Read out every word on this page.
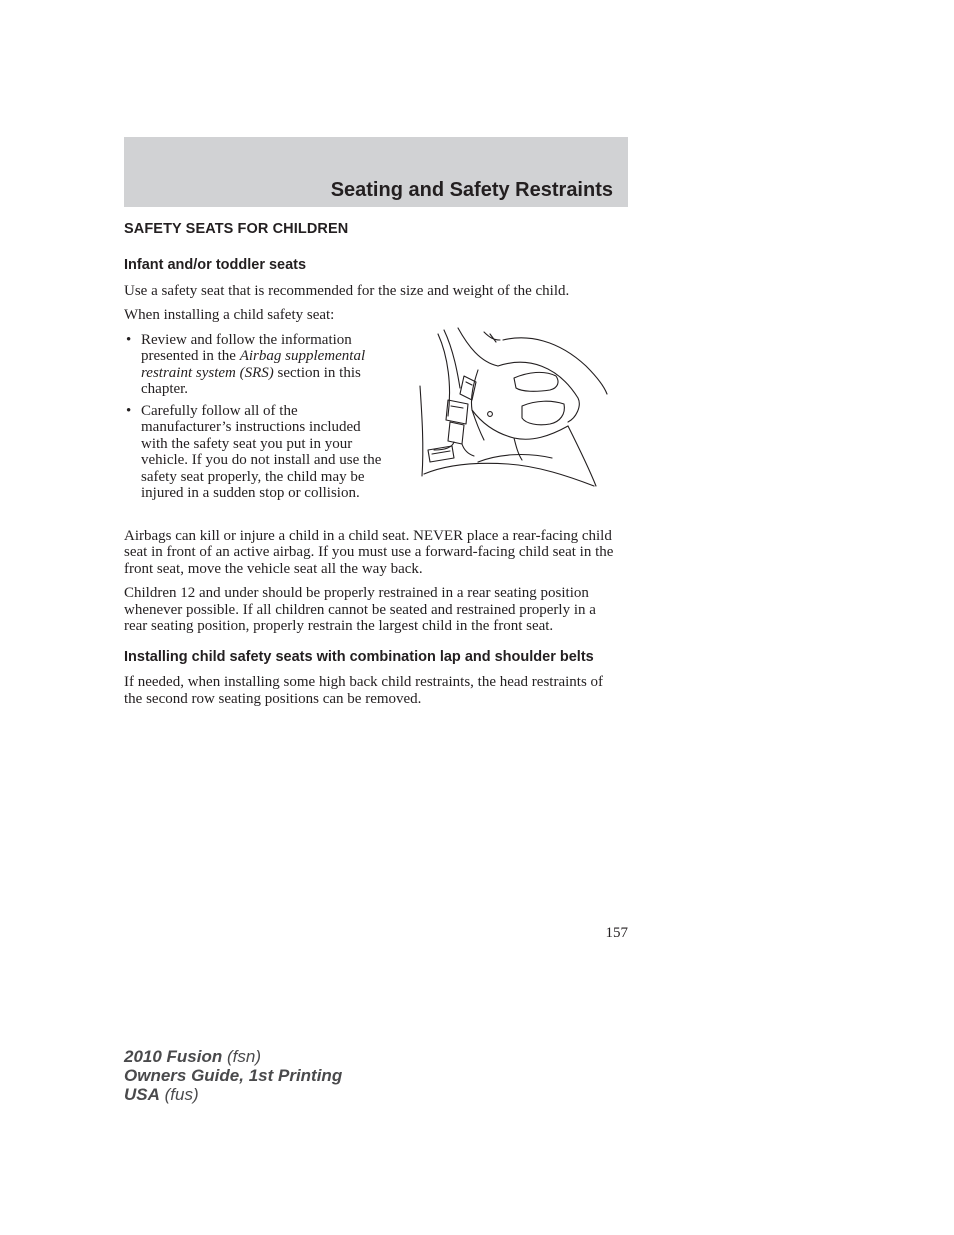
Seating and Safety Restraints
SAFETY SEATS FOR CHILDREN
Infant and/or toddler seats

Use a safety seat that is recommended for the size and weight of the child.

When installing a child safety seat:

• Review and follow the information presented in the Airbag supplemental restraint system (SRS) section in this chapter.
• Carefully follow all of the manufacturer’s instructions included with the safety seat you put in your vehicle. If you do not install and use the safety seat properly, the child may be injured in a sudden stop or collision.

Airbags can kill or injure a child in a child seat. NEVER place a rear-facing child seat in front of an active airbag. If you must use a forward-facing child seat in the front seat, move the vehicle seat all the way back.

Children 12 and under should be properly restrained in a rear seating position whenever possible. If all children cannot be seated and restrained properly in a rear seating position, properly restrain the largest child in the front seat.

Installing child safety seats with combination lap and shoulder belts

If needed, when installing some high back child restraints, the head restraints of the second row seating positions can be removed.

157
2010 Fusion (fsn)
Owners Guide, 1st Printing
USA (fus)
